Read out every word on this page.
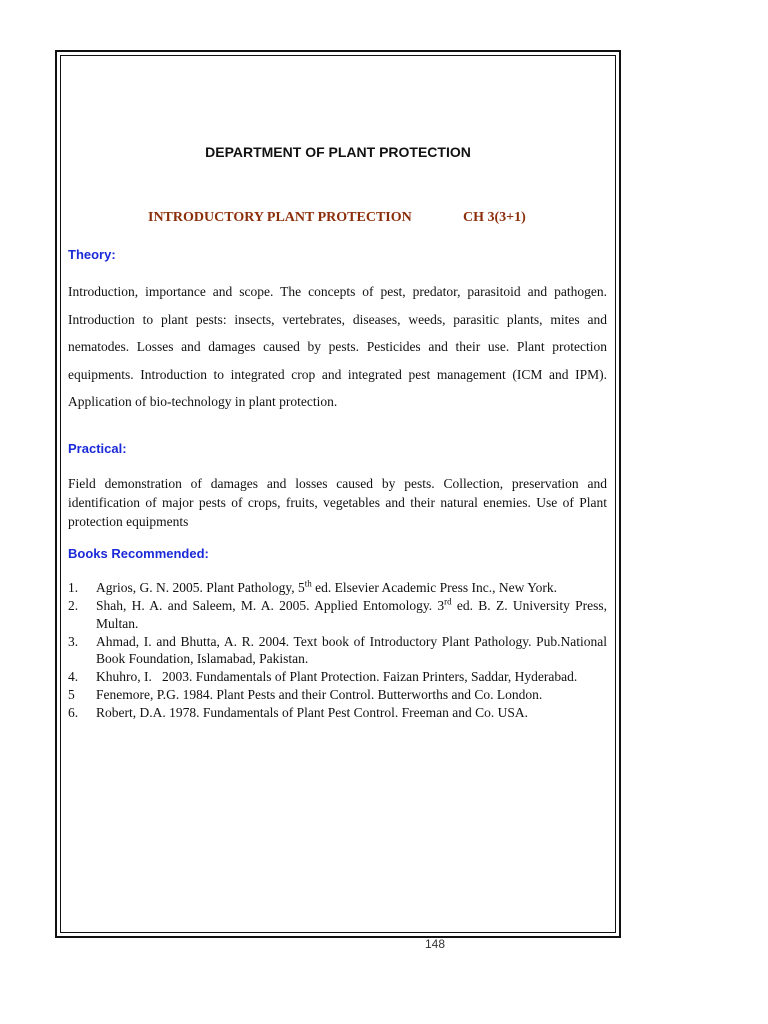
DEPARTMENT OF PLANT PROTECTION
INTRODUCTORY PLANT PROTECTION	CH 3(3+1)
Theory:
Introduction, importance and scope. The concepts of pest, predator, parasitoid and pathogen. Introduction to plant pests: insects, vertebrates, diseases, weeds, parasitic plants, mites and nematodes. Losses and damages caused by pests. Pesticides and their use. Plant protection equipments. Introduction to integrated crop and integrated pest management (ICM and IPM). Application of bio-technology in plant protection.
Practical:
Field demonstration of damages and losses caused by pests. Collection, preservation and identification of major pests of crops, fruits, vegetables and their natural enemies. Use of Plant protection equipments
Books Recommended:
1. Agrios, G. N. 2005. Plant Pathology, 5th ed. Elsevier Academic Press Inc., New York.
2. Shah, H. A. and Saleem, M. A. 2005. Applied Entomology. 3rd ed. B. Z. University Press, Multan.
3. Ahmad, I. and Bhutta, A. R. 2004. Text book of Introductory Plant Pathology. Pub.National Book Foundation, Islamabad, Pakistan.
4. Khuhro, I.   2003. Fundamentals of Plant Protection. Faizan Printers, Saddar, Hyderabad.
5 Fenemore, P.G. 1984. Plant Pests and their Control. Butterworths and Co. London.
6. Robert, D.A. 1978. Fundamentals of Plant Pest Control. Freeman and Co. USA.
148
